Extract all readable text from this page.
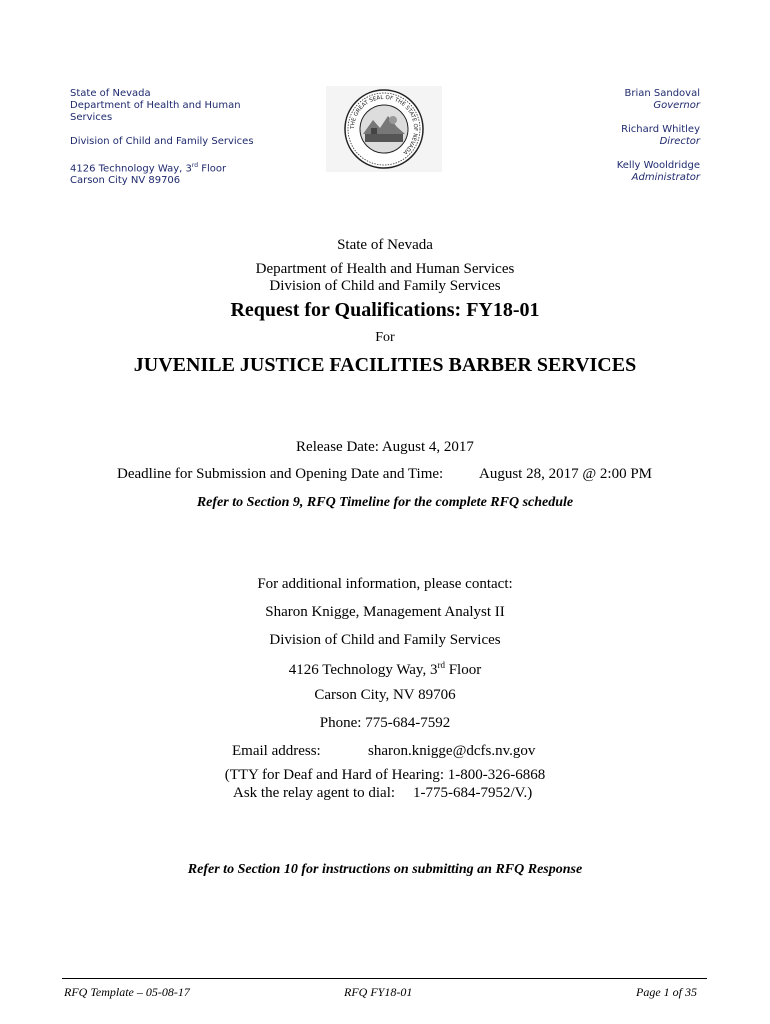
State of Nevada
Department of Health and Human
Services
Division of Child and Family Services
4126 Technology Way, 3rd Floor
Carson City NV 89706
THE GREAT SEAL OF THE STATE OF NEVADA
Brian Sandoval
Governor
Richard Whitley
Director
Kelly Wooldridge
Administrator
State of Nevada
Department of Health and Human Services
Division of Child and Family Services
Request for Qualifications: FY18-01
For
JUVENILE JUSTICE FACILITIES BARBER SERVICES
Release Date: August 4, 2017
Deadline for Submission and Opening Date and Time: August 28, 2017 @ 2:00 PM
Refer to Section 9, RFQ Timeline for the complete RFQ schedule
For additional information, please contact:
Sharon Knigge, Management Analyst II
Division of Child and Family Services
4126 Technology Way, 3rd Floor
Carson City, NV 89706
Phone: 775-684-7592
Email address:	sharon.knigge@dcfs.nv.gov
(TTY for Deaf and Hard of Hearing: 1-800-326-6868
Ask the relay agent to dial: 1-775-684-7952/V.)
Refer to Section 10 for instructions on submitting an RFQ Response
RFQ Template – 05-08-17	RFQ FY18-01	Page 1 of 35
